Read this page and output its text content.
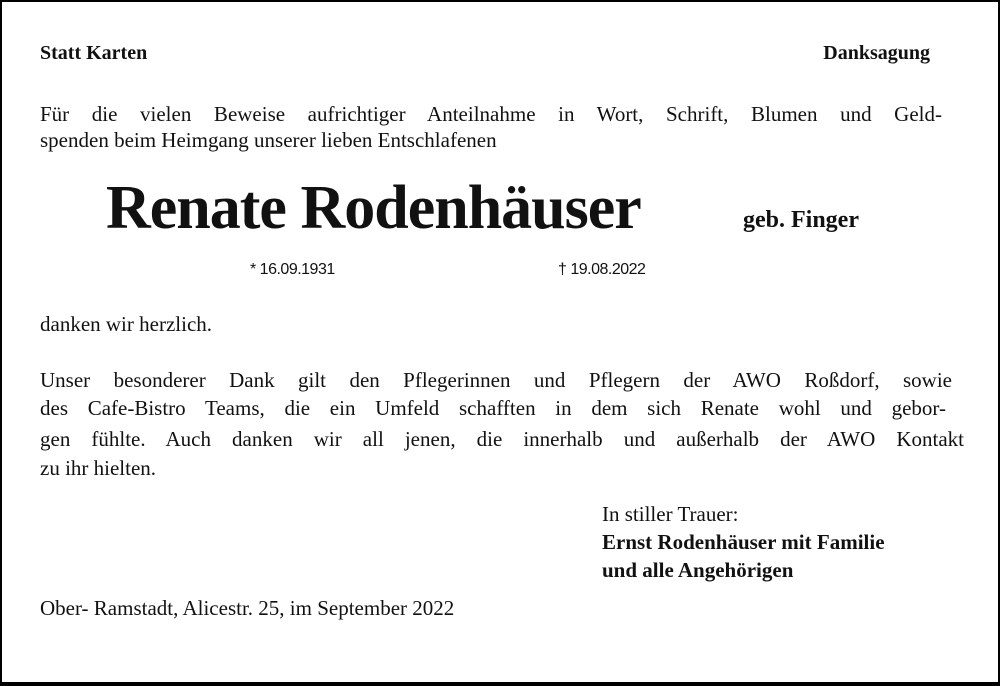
Statt Karten	Danksagung
Für die vielen Beweise aufrichtiger Anteilnahme in Wort, Schrift, Blumen und Geld-
spenden beim Heimgang unserer lieben Entschlafenen
Renate Rodenhäuser	geb. Finger
* 16.09.1931	† 19.08.2022
danken wir herzlich.
Unser besonderer Dank gilt den Pflegerinnen und Pflegern der AWO Roßdorf, sowie
des Cafe-Bistro Teams, die ein Umfeld schafften in dem sich Renate wohl und gebor-
gen fühlte. Auch danken wir all jenen, die innerhalb und außerhalb der AWO Kontakt
zu ihr hielten.
In stiller Trauer:
Ernst Rodenhäuser mit Familie
und alle Angehörigen
Ober- Ramstadt, Alicestr. 25, im September 2022
